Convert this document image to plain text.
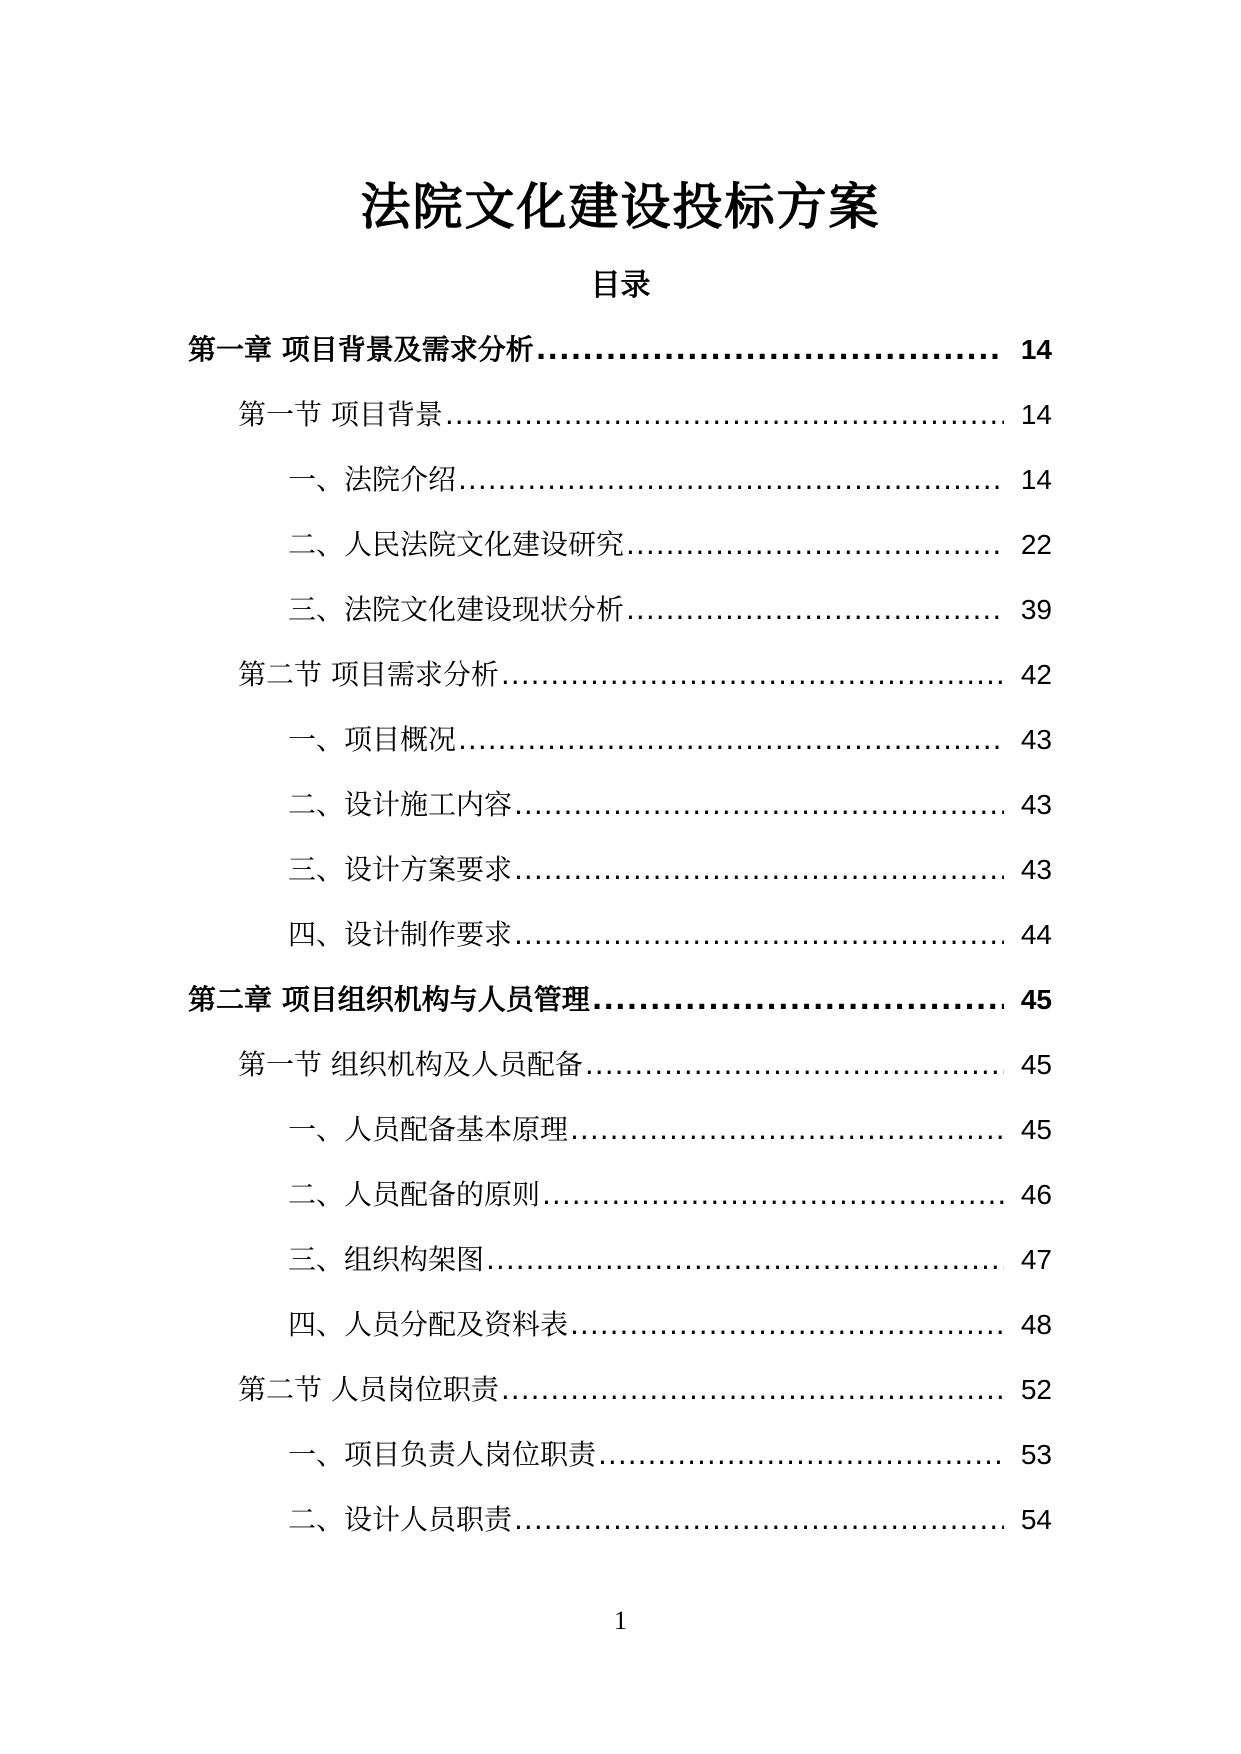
法院文化建设投标方案
目录
第一章 项目背景及需求分析 .....	14
第一节 项目背景 .....	14
一、法院介绍 .....	14
二、人民法院文化建设研究 .....	22
三、法院文化建设现状分析 .....	39
第二节 项目需求分析 .....	42
一、项目概况 .....	43
二、设计施工内容 .....	43
三、设计方案要求 .....	43
四、设计制作要求 .....	44
第二章 项目组织机构与人员管理 .....	45
第一节 组织机构及人员配备 .....	45
一、人员配备基本原理 .....	45
二、人员配备的原则 .....	46
三、组织构架图 .....	47
四、人员分配及资料表 .....	48
第二节 人员岗位职责 .....	52
一、项目负责人岗位职责 .....	53
二、设计人员职责 .....	54

1
